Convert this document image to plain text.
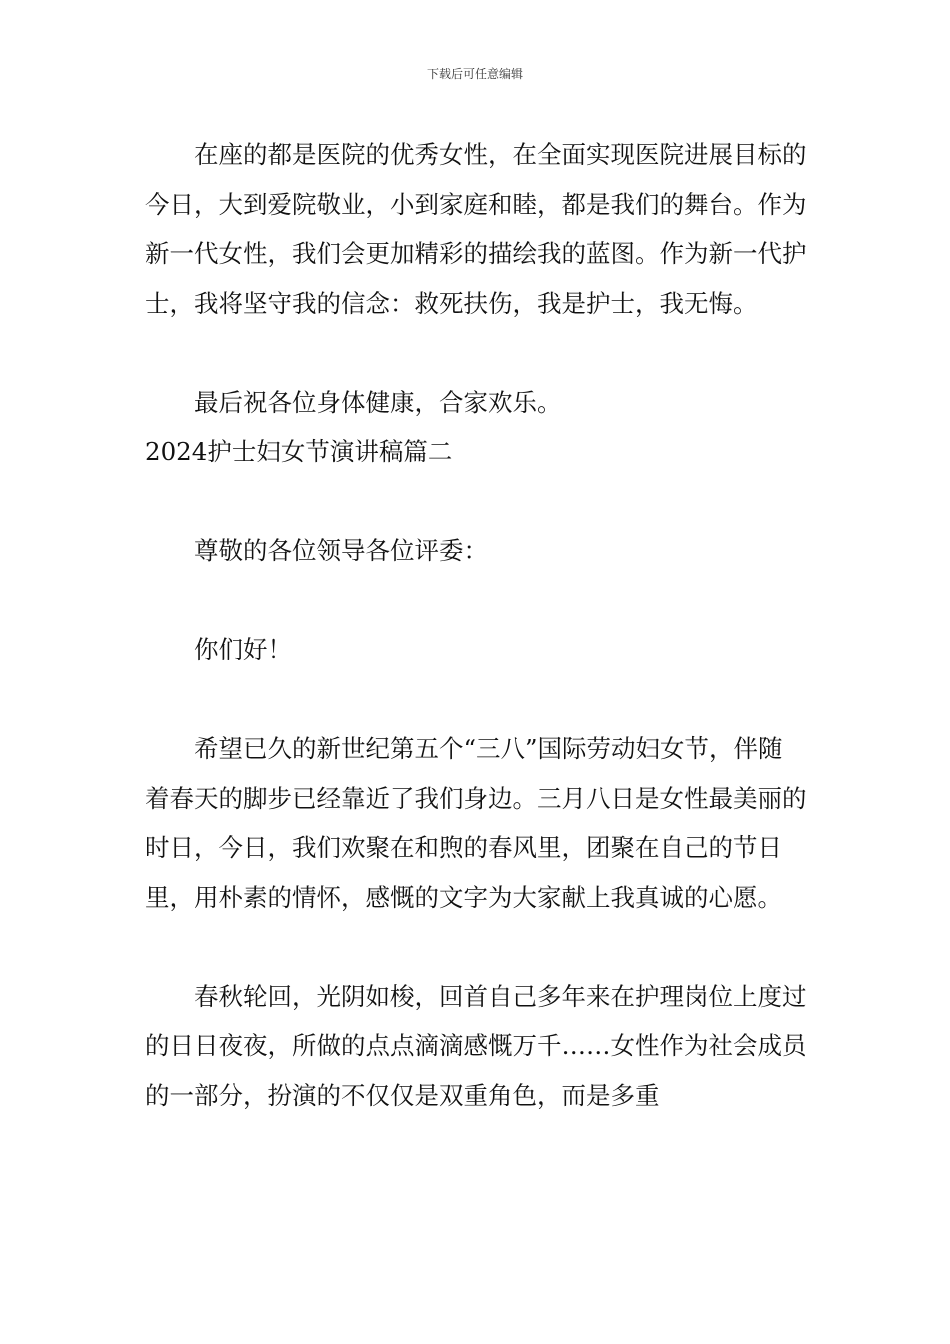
下载后可任意编辑

在座的都是医院的优秀女性，在全面实现医院进展目标的今日，大到爱院敬业，小到家庭和睦，都是我们的舞台。作为新一代女性，我们会更加精彩的描绘我的蓝图。作为新一代护士，我将坚守我的信念：救死扶伤，我是护士，我无悔。

最后祝各位身体健康，合家欢乐。

2024护士妇女节演讲稿篇二

尊敬的各位领导各位评委：

你们好！

希望已久的新世纪第五个“三八”国际劳动妇女节，伴随着春天的脚步已经靠近了我们身边。三月八日是女性最美丽的时日，今日，我们欢聚在和煦的春风里，团聚在自己的节日里，用朴素的情怀，感慨的文字为大家献上我真诚的心愿。

春秋轮回，光阴如梭，回首自己多年来在护理岗位上度过的日日夜夜，所做的点点滴滴感慨万千……女性作为社会成员的一部分，扮演的不仅仅是双重角色，而是多重
